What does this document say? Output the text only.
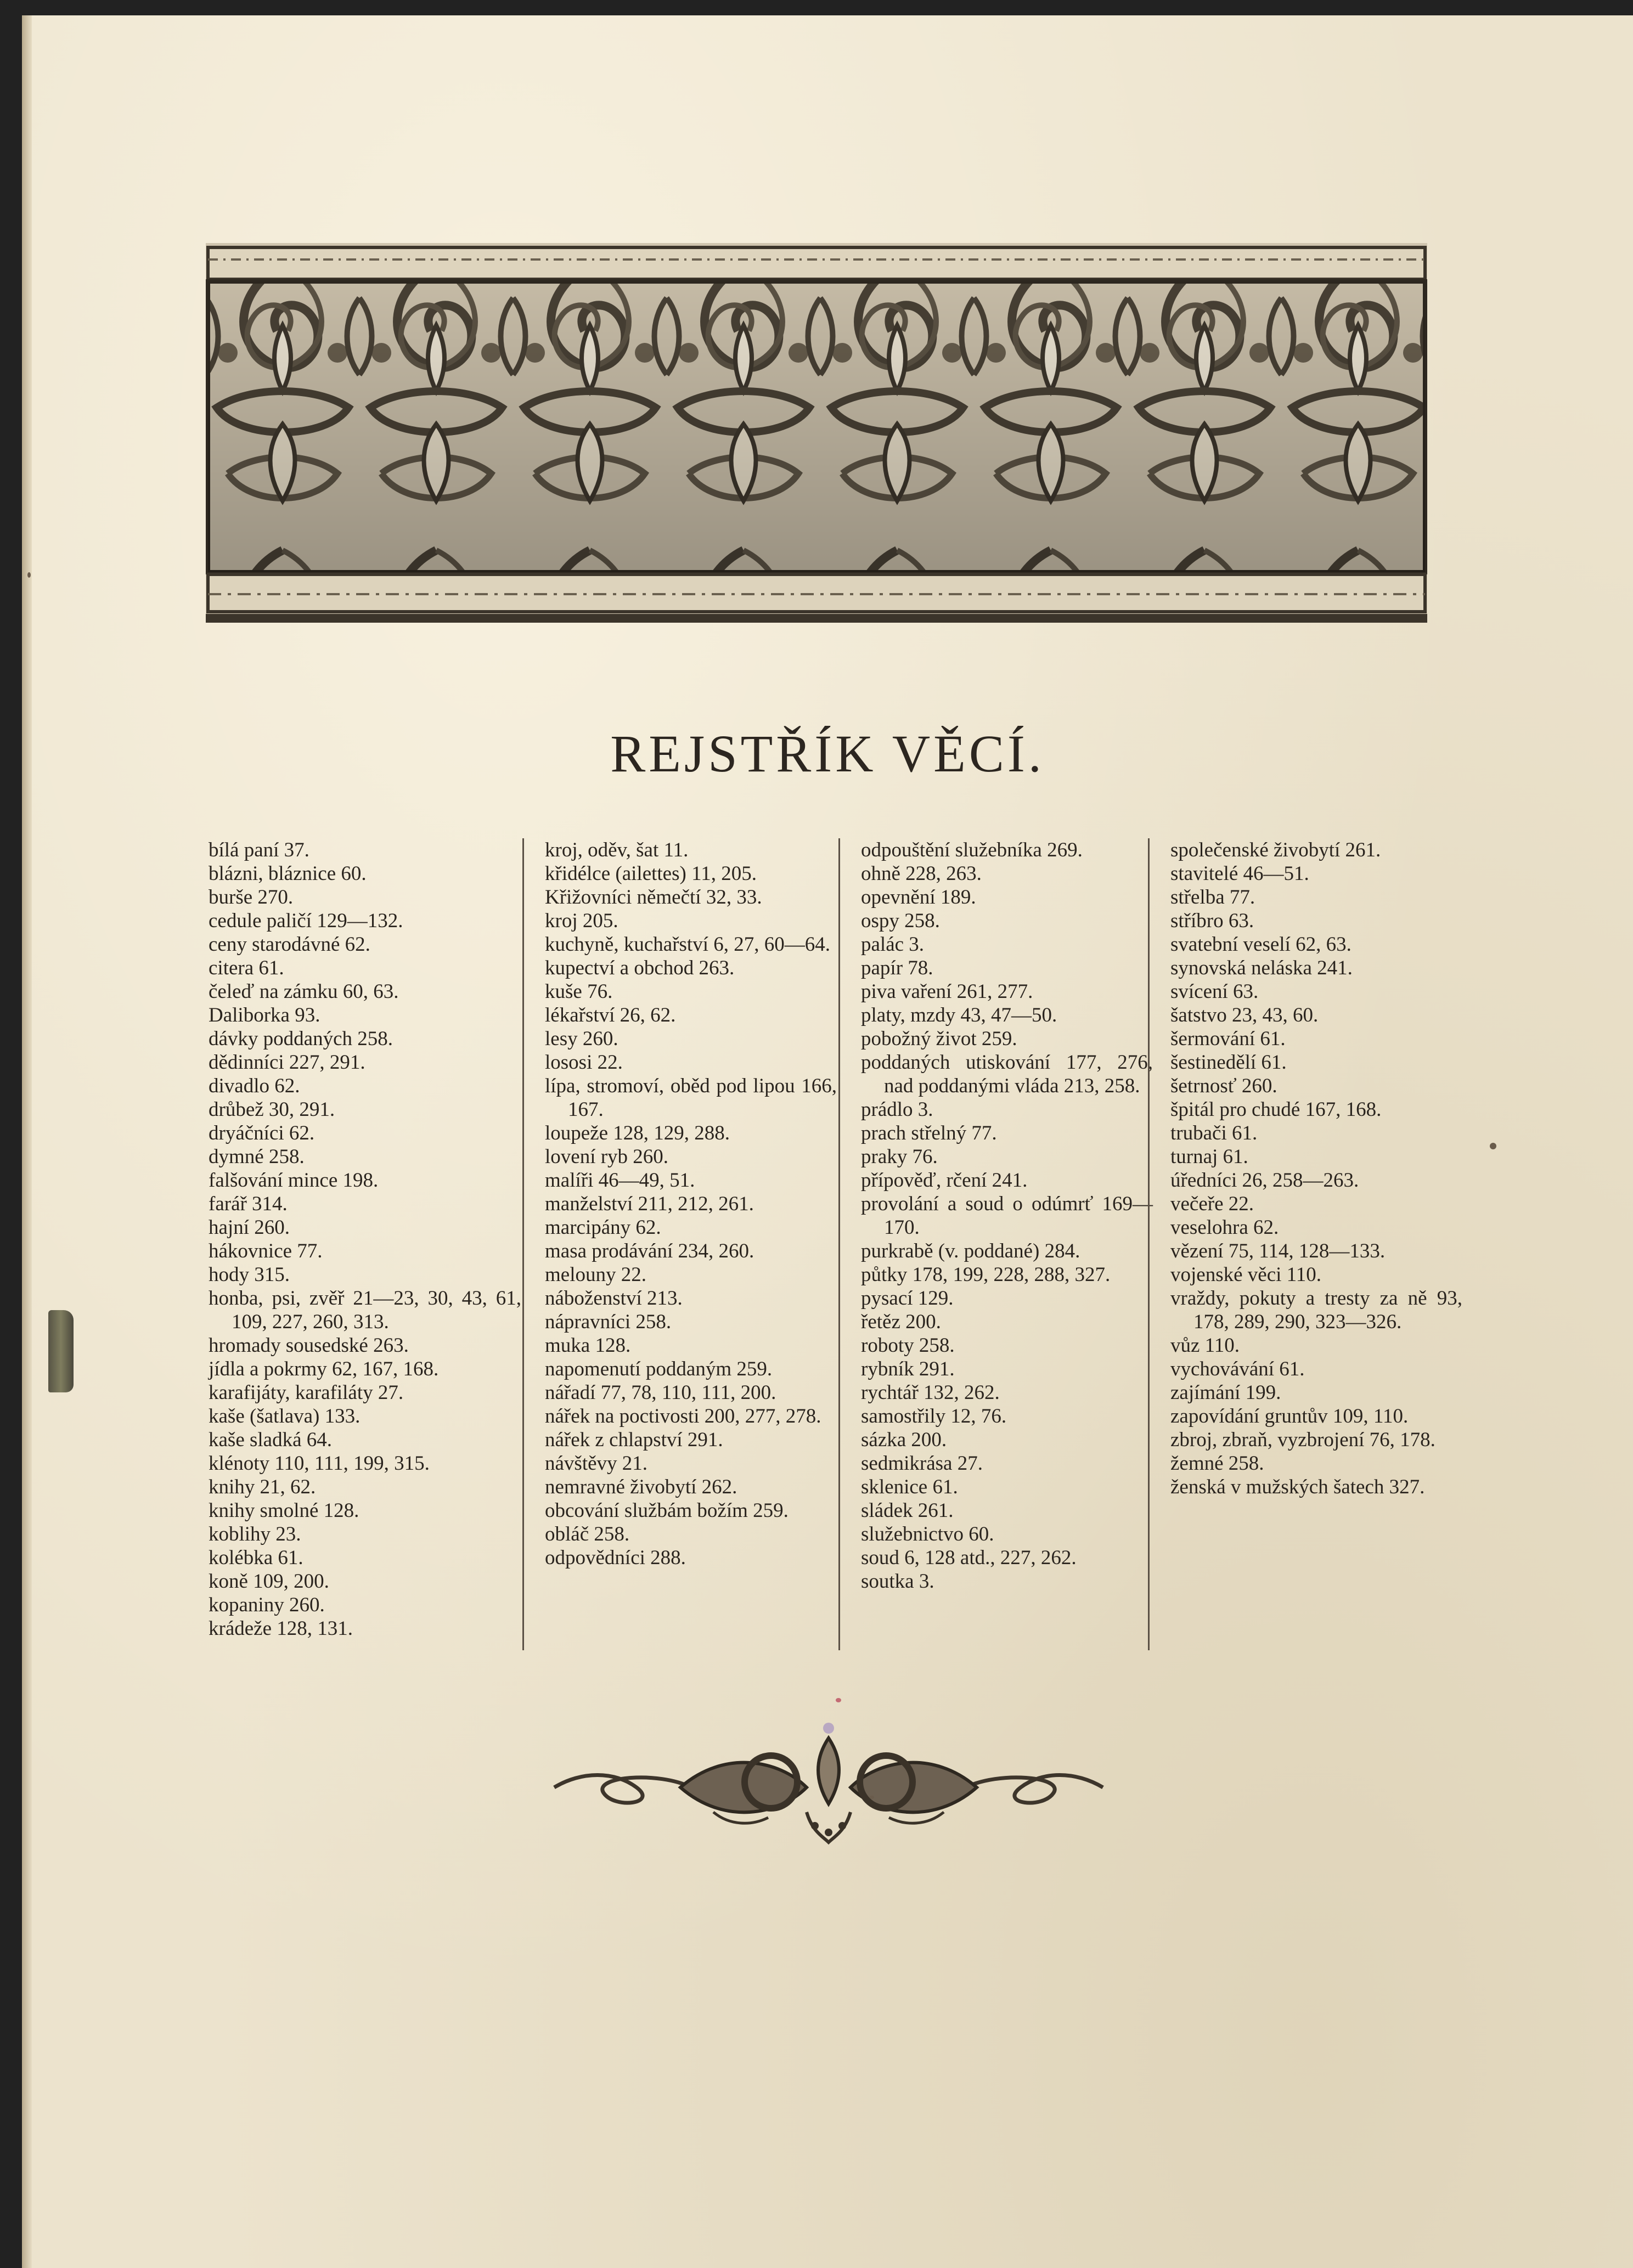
REJSTŘÍK VĚCÍ.
bílá paní 37.
blázni, bláznice 60.
burše 270.
cedule paličí 129—132.
ceny starodávné 62.
citera 61.
čeleď na zámku 60, 63.
Daliborka 93.
dávky poddaných 258.
dědinníci 227, 291.
divadlo 62.
drůbež 30, 291.
dryáčníci 62.
dymné 258.
falšování mince 198.
farář 314.
hajní 260.
hákovnice 77.
hody 315.
honba, psi, zvěř 21—23, 30, 43, 61, 109, 227, 260, 313.
hromady sousedské 263.
jídla a pokrmy 62, 167, 168.
karafijáty, karafiláty 27.
kaše (šatlava) 133.
kaše sladká 64.
klénoty 110, 111, 199, 315.
knihy 21, 62.
knihy smolné 128.
koblihy 23.
kolébka 61.
koně 109, 200.
kopaniny 260.
krádeže 128, 131.
kroj, oděv, šat 11.
křidélce (ailettes) 11, 205.
Křižovníci němečtí 32, 33.
kroj 205.
kuchyně, kuchařství 6, 27, 60—64.
kupectví a obchod 263.
kuše 76.
lékařství 26, 62.
lesy 260.
lososi 22.
lípa, stromoví, oběd pod lipou 166, 167.
loupeže 128, 129, 288.
lovení ryb 260.
malíři 46—49, 51.
manželství 211, 212, 261.
marcipány 62.
masa prodávání 234, 260.
melouny 22.
náboženství 213.
nápravníci 258.
muka 128.
napomenutí poddaným 259.
nářadí 77, 78, 110, 111, 200.
nářek na poctivosti 200, 277, 278.
nářek z chlapství 291.
návštěvy 21.
nemravné živobytí 262.
obcování službám božím 259.
obláč 258.
odpovědníci 288.
odpouštění služebníka 269.
ohně 228, 263.
opevnění 189.
ospy 258.
palác 3.
papír 78.
piva vaření 261, 277.
platy, mzdy 43, 47—50.
pobožný život 259.
poddaných utiskování 177, 276, nad poddanými vláda 213, 258.
prádlo 3.
prach střelný 77.
praky 76.
přípověď, rčení 241.
provolání a soud o odúmrť 169—170.
purkrabě (v. poddané) 284.
půtky 178, 199, 228, 288, 327.
pysací 129.
řetěz 200.
roboty 258.
rybník 291.
rychtář 132, 262.
samostřily 12, 76.
sázka 200.
sedmikrása 27.
sklenice 61.
sládek 261.
služebnictvo 60.
soud 6, 128 atd., 227, 262.
soutka 3.
společenské živobytí 261.
stavitelé 46—51.
střelba 77.
stříbro 63.
svatební veselí 62, 63.
synovská neláska 241.
svícení 63.
šatstvo 23, 43, 60.
šermování 61.
šestinedělí 61.
šetrnosť 260.
špitál pro chudé 167, 168.
trubači 61.
turnaj 61.
úředníci 26, 258—263.
večeře 22.
veselohra 62.
vězení 75, 114, 128—133.
vojenské věci 110.
vraždy, pokuty a tresty za ně 93, 178, 289, 290, 323—326.
vůz 110.
vychovávání 61.
zajímání 199.
zapovídání gruntův 109, 110.
zbroj, zbraň, vyzbrojení 76, 178.
žemné 258.
ženská v mužských šatech 327.
